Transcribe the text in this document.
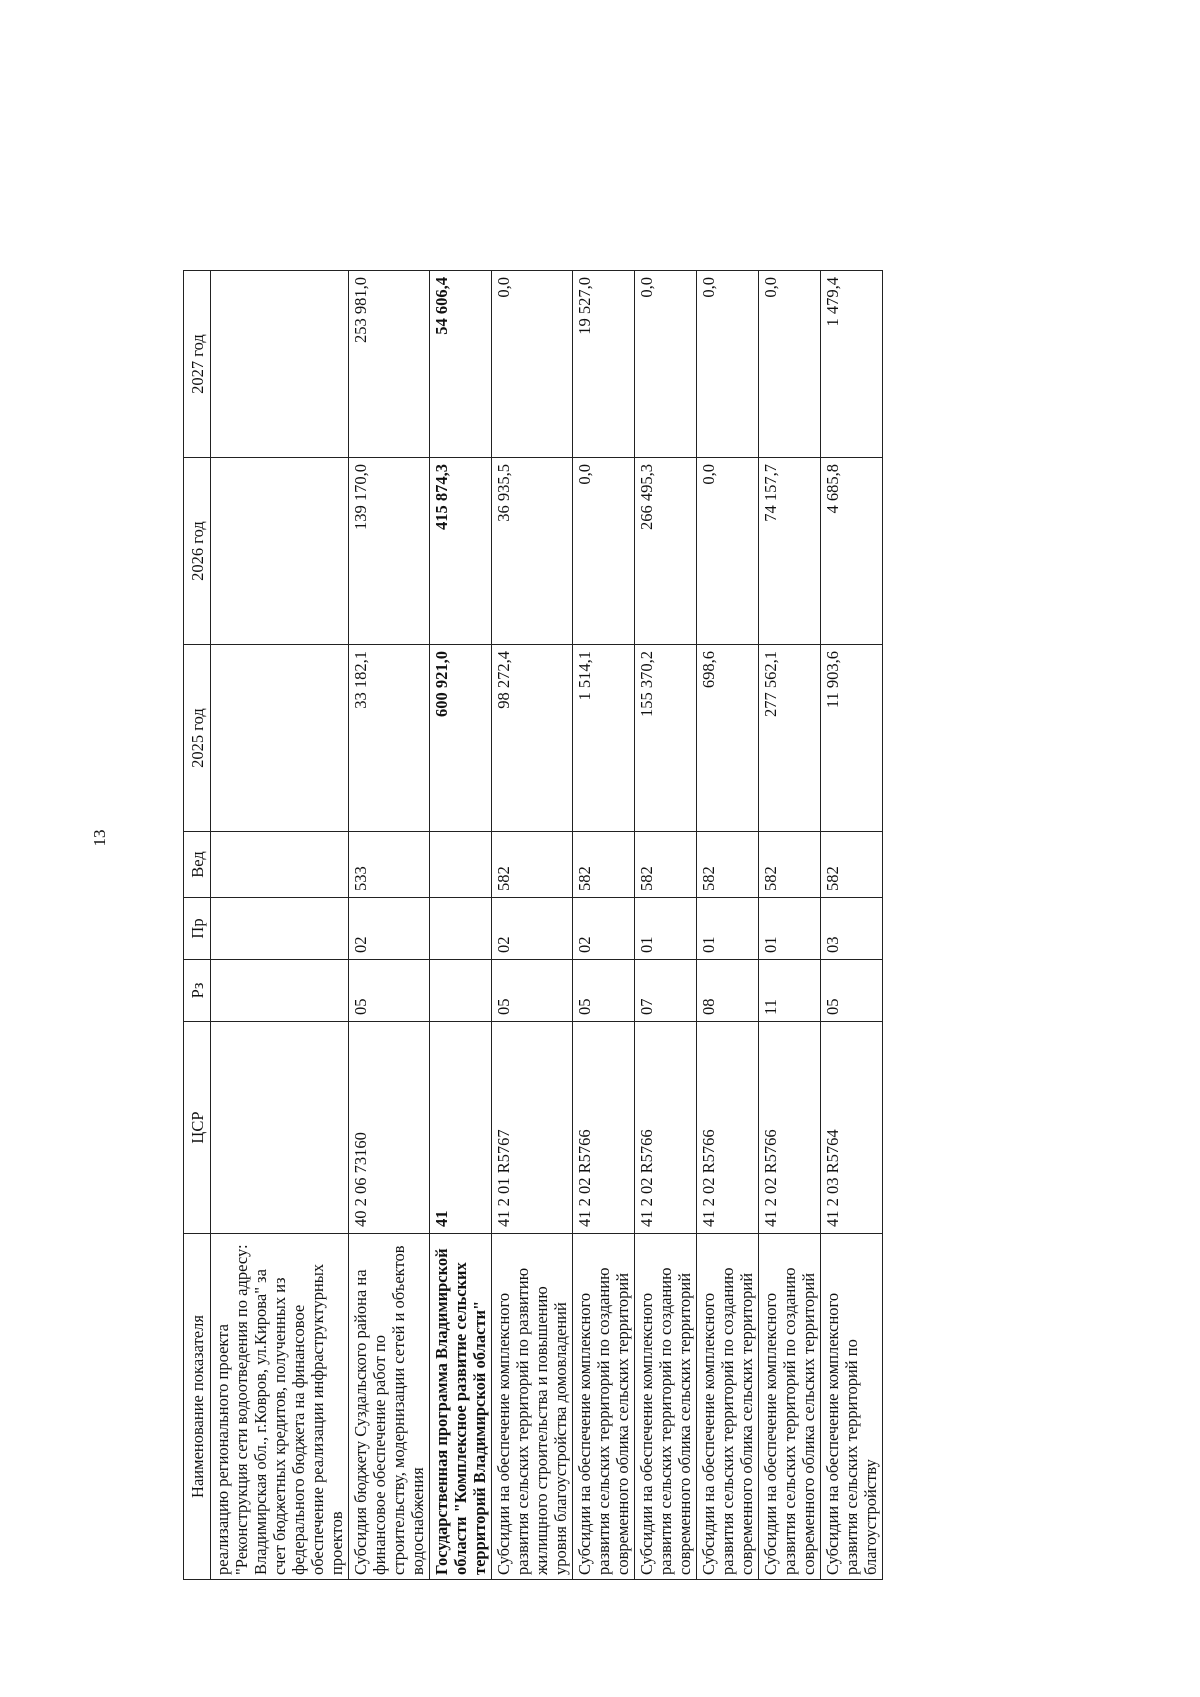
13
Наименование показателя	ЦСР	Рз	Пр	Вед	2025 год	2026 год	2027 год
реализацию регионального проекта "Реконструкция сети водоотведения по адресу: Владимирская обл., г.Ковров, ул.Кирова" за счет бюджетных кредитов, полученных из федерального бюджета на финансовое обеспечение реализации инфраструктурных проектов							
Субсидия бюджету Суздальского района на финансовое обеспечение работ по строительству, модернизации сетей и объектов водоснабжения	40 2 06 73160	05	02	533	33 182,1	139 170,0	253 981,0
Государственная программа Владимирской области "Комплексное развитие сельских территорий Владимирской области"	41				600 921,0	415 874,3	54 606,4
Субсидии на обеспечение комплексного развития сельских территорий по развитию жилищного строительства и повышению уровня благоустройства домовладений	41 2 01 R5767	05	02	582	98 272,4	36 935,5	0,0
Субсидии на обеспечение комплексного развития сельских территорий по созданию современного облика сельских территорий	41 2 02 R5766	05	02	582	1 514,1	0,0	19 527,0
Субсидии на обеспечение комплексного развития сельских территорий по созданию современного облика сельских территорий	41 2 02 R5766	07	01	582	155 370,2	266 495,3	0,0
Субсидии на обеспечение комплексного развития сельских территорий по созданию современного облика сельских территорий	41 2 02 R5766	08	01	582	698,6	0,0	0,0
Субсидии на обеспечение комплексного развития сельских территорий по созданию современного облика сельских территорий	41 2 02 R5766	11	01	582	277 562,1	74 157,7	0,0
Субсидии на обеспечение комплексного развития сельских территорий по благоустройству	41 2 03 R5764	05	03	582	11 903,6	4 685,8	1 479,4
